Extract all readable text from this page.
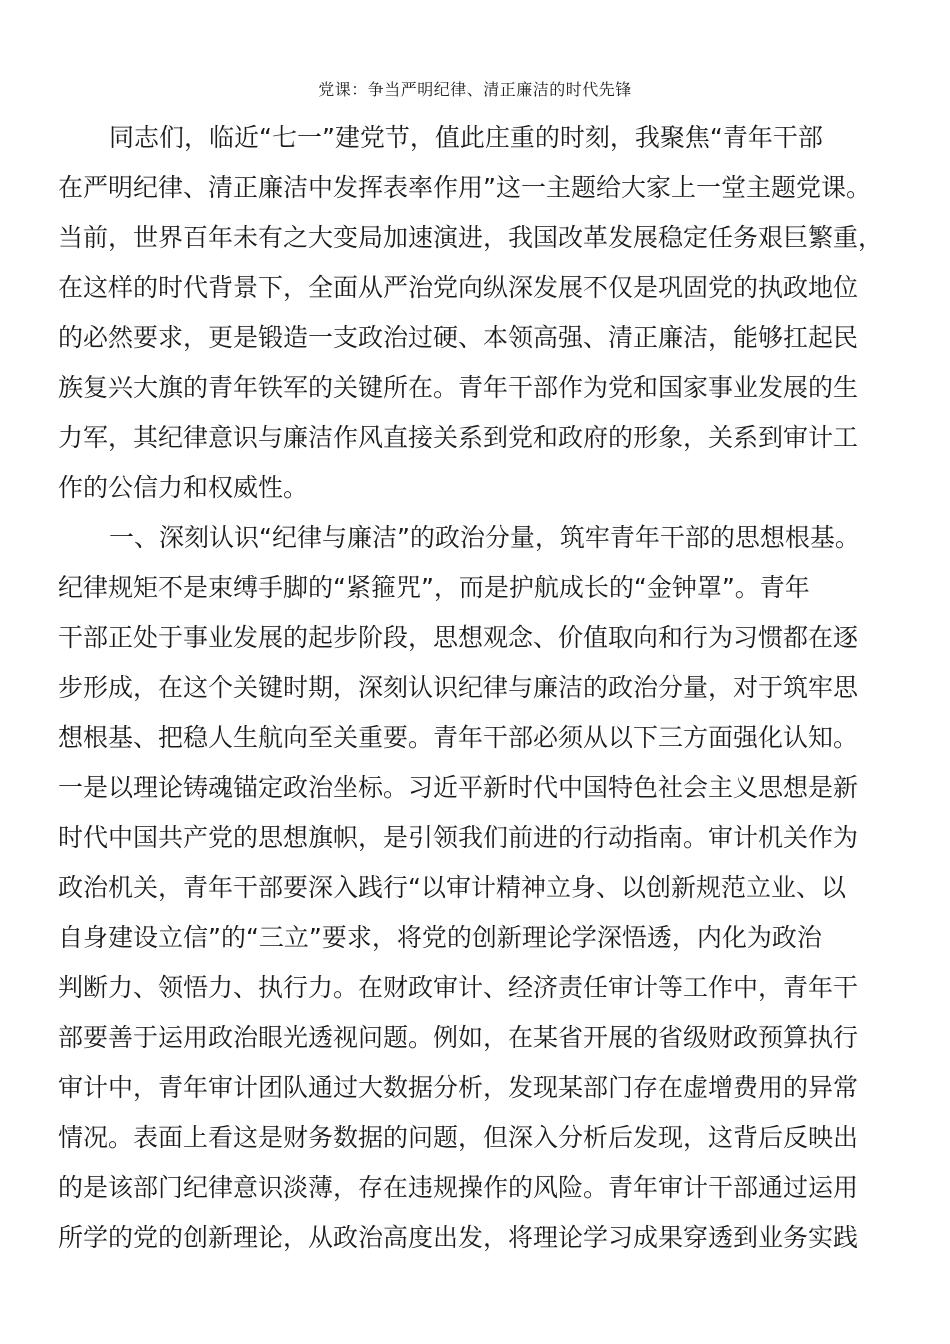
党课：争当严明纪律、清正廉洁的时代先锋
同志们，临近“七一”建党节，值此庄重的时刻，我聚焦“青年干部
在严明纪律、清正廉洁中发挥表率作用”这一主题给大家上一堂主题党课。
当前，世界百年未有之大变局加速演进，我国改革发展稳定任务艰巨繁重，
在这样的时代背景下，全面从严治党向纵深发展不仅是巩固党的执政地位
的必然要求，更是锻造一支政治过硬、本领高强、清正廉洁，能够扛起民
族复兴大旗的青年铁军的关键所在。青年干部作为党和国家事业发展的生
力军，其纪律意识与廉洁作风直接关系到党和政府的形象，关系到审计工
作的公信力和权威性。
一、深刻认识“纪律与廉洁”的政治分量，筑牢青年干部的思想根基。
纪律规矩不是束缚手脚的“紧箍咒”，而是护航成长的“金钟罩”。青年
干部正处于事业发展的起步阶段，思想观念、价值取向和行为习惯都在逐
步形成，在这个关键时期，深刻认识纪律与廉洁的政治分量，对于筑牢思
想根基、把稳人生航向至关重要。青年干部必须从以下三方面强化认知。
一是以理论铸魂锚定政治坐标。习近平新时代中国特色社会主义思想是新
时代中国共产党的思想旗帜，是引领我们前进的行动指南。审计机关作为
政治机关，青年干部要深入践行“以审计精神立身、以创新规范立业、以
自身建设立信”的“三立”要求，将党的创新理论学深悟透，内化为政治
判断力、领悟力、执行力。在财政审计、经济责任审计等工作中，青年干
部要善于运用政治眼光透视问题。例如，在某省开展的省级财政预算执行
审计中，青年审计团队通过大数据分析，发现某部门存在虚增费用的异常
情况。表面上看这是财务数据的问题，但深入分析后发现，这背后反映出
的是该部门纪律意识淡薄，存在违规操作的风险。青年审计干部通过运用
所学的党的创新理论，从政治高度出发，将理论学习成果穿透到业务实践
